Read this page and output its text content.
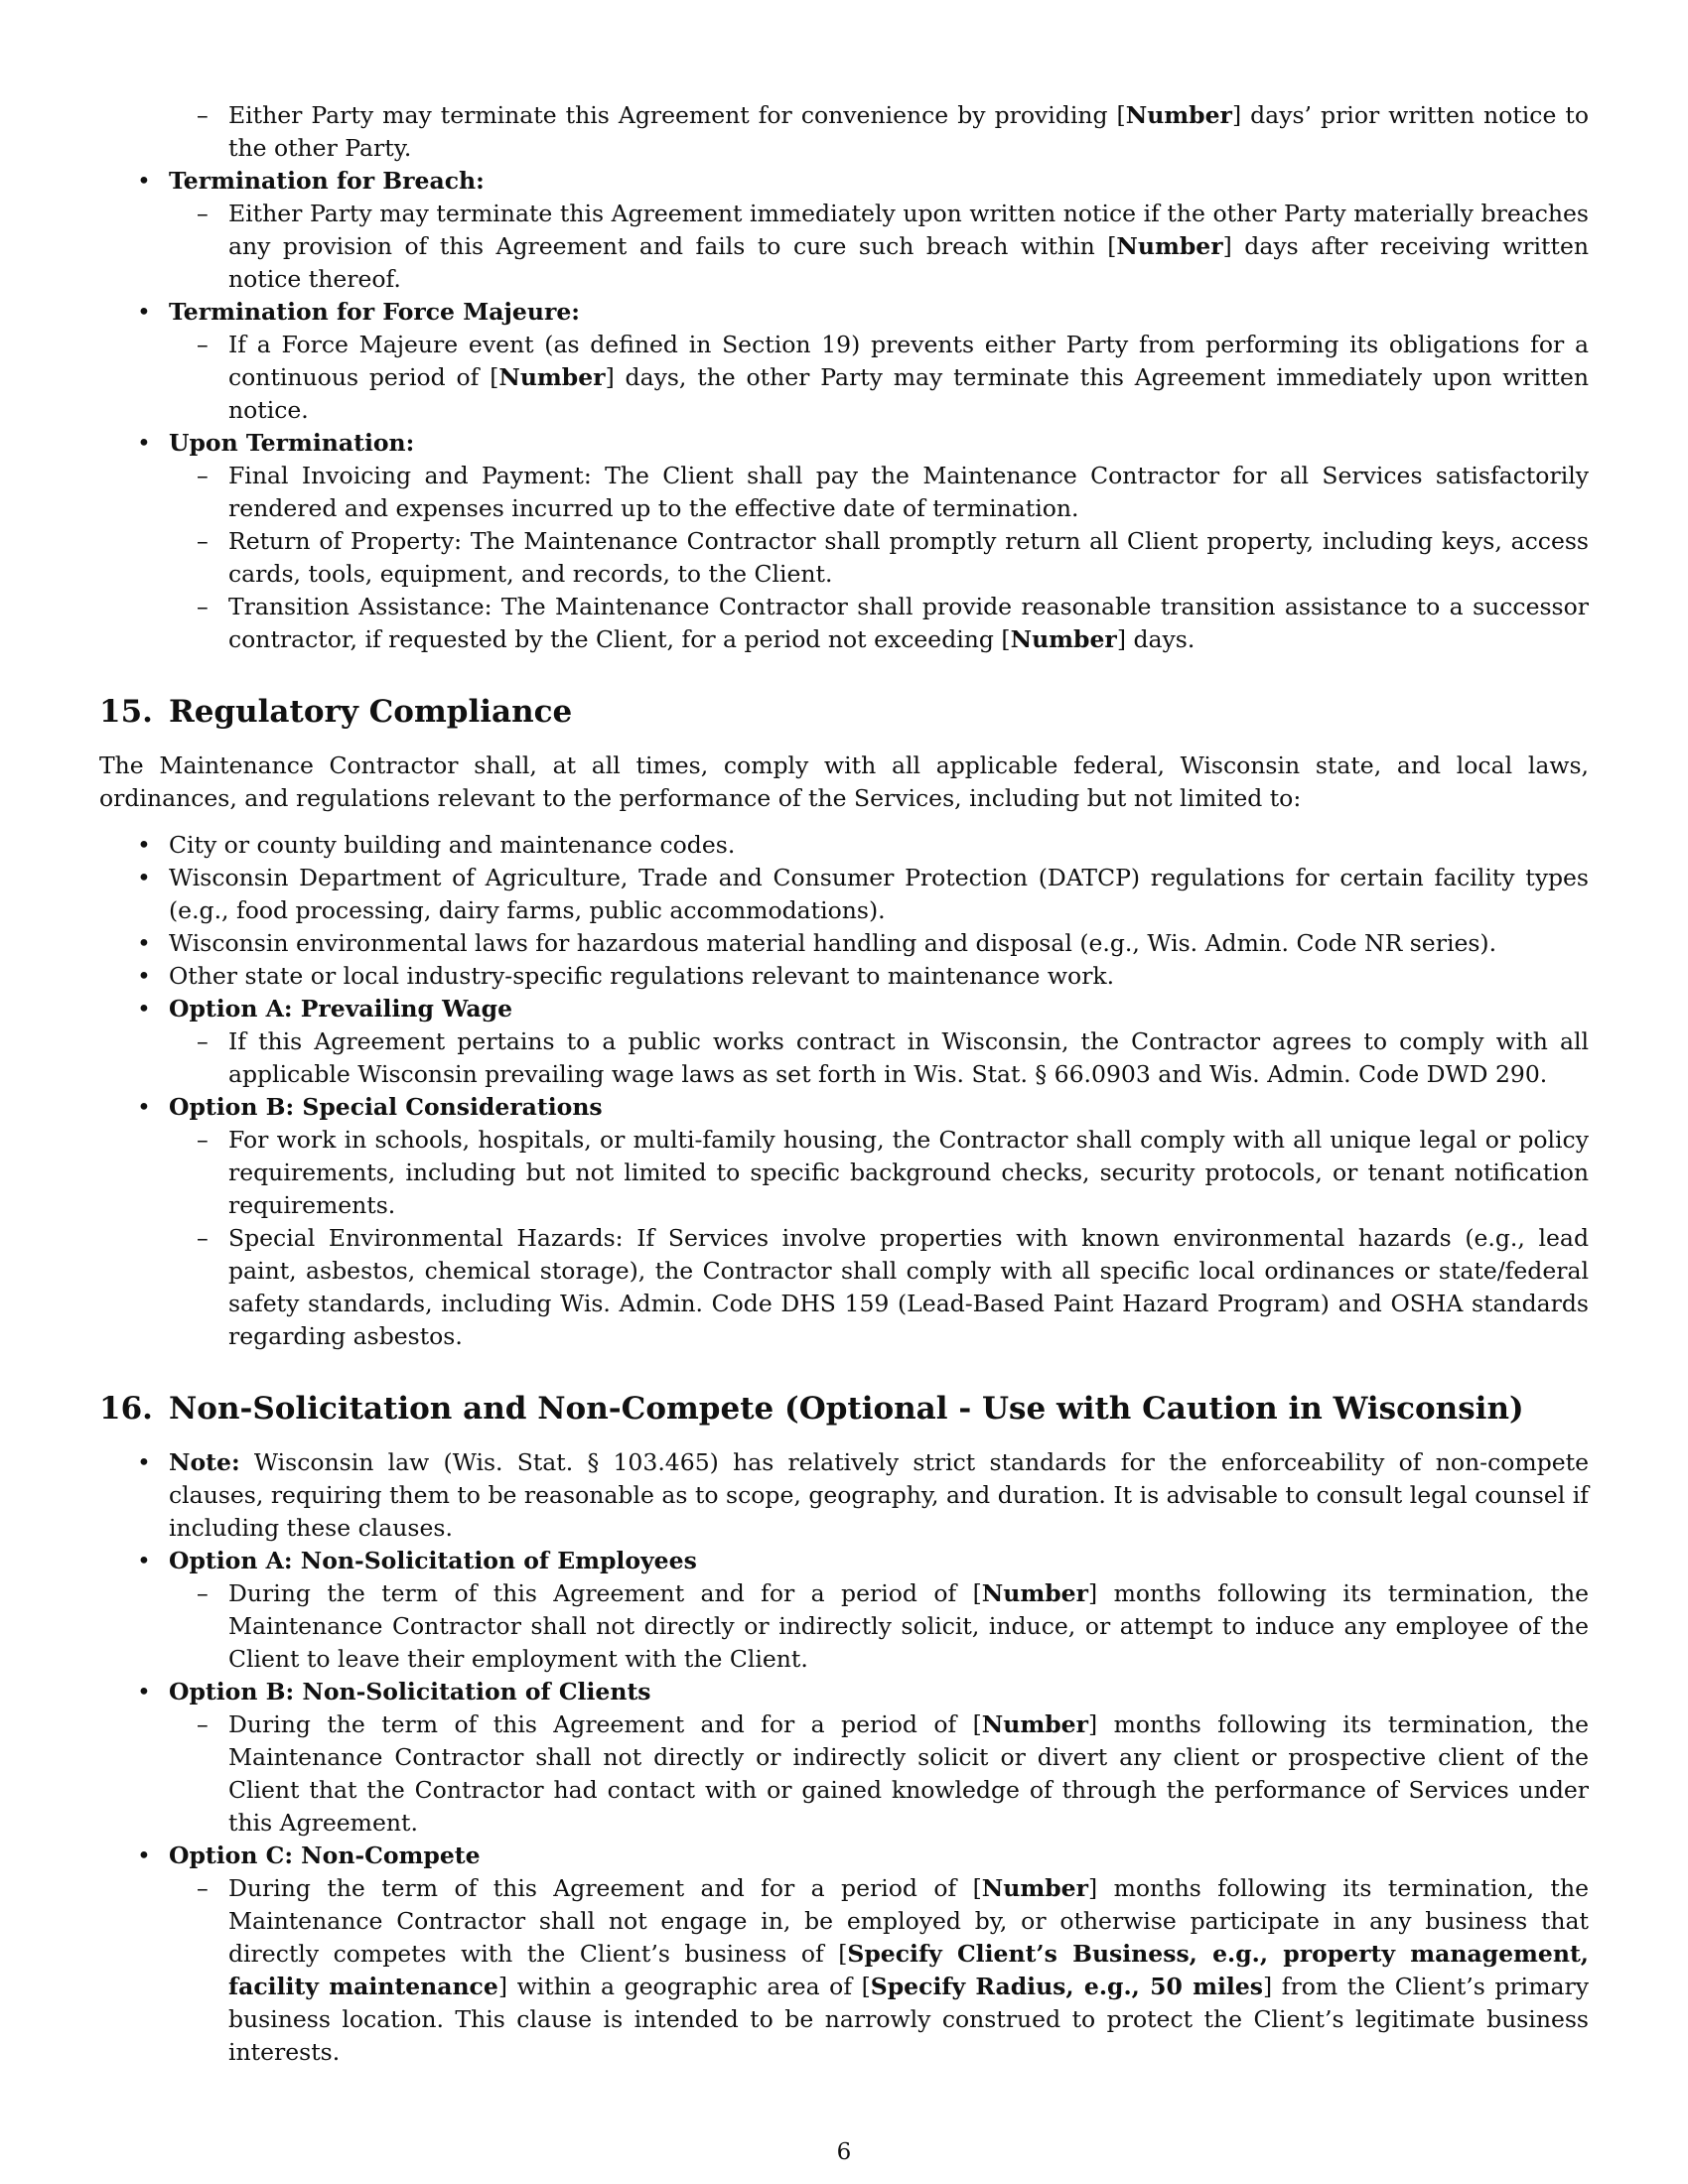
– Either Party may terminate this Agreement for convenience by providing [Number] days’ prior written notice to the other Party.
• Termination for Breach:
– Either Party may terminate this Agreement immediately upon written notice if the other Party materially breaches any provision of this Agreement and fails to cure such breach within [Number] days after receiving written notice thereof.
• Termination for Force Majeure:
– If a Force Majeure event (as defined in Section 19) prevents either Party from performing its obligations for a continuous period of [Number] days, the other Party may terminate this Agreement immediately upon written notice.
• Upon Termination:
– Final Invoicing and Payment: The Client shall pay the Maintenance Contractor for all Services satisfactorily rendered and expenses incurred up to the effective date of termination.
– Return of Property: The Maintenance Contractor shall promptly return all Client property, including keys, access cards, tools, equipment, and records, to the Client.
– Transition Assistance: The Maintenance Contractor shall provide reasonable transition assistance to a successor contractor, if requested by the Client, for a period not exceeding [Number] days.
15. Regulatory Compliance

The Maintenance Contractor shall, at all times, comply with all applicable federal, Wisconsin state, and local laws, ordinances, and regulations relevant to the performance of the Services, including but not limited to:

• City or county building and maintenance codes.
• Wisconsin Department of Agriculture, Trade and Consumer Protection (DATCP) regulations for certain facility types (e.g., food processing, dairy farms, public accommodations).
• Wisconsin environmental laws for hazardous material handling and disposal (e.g., Wis. Admin. Code NR series).
• Other state or local industry-specific regulations relevant to maintenance work.
• Option A: Prevailing Wage
– If this Agreement pertains to a public works contract in Wisconsin, the Contractor agrees to comply with all applicable Wisconsin prevailing wage laws as set forth in Wis. Stat. § 66.0903 and Wis. Admin. Code DWD 290.
• Option B: Special Considerations
– For work in schools, hospitals, or multi-family housing, the Contractor shall comply with all unique legal or policy requirements, including but not limited to specific background checks, security protocols, or tenant notification requirements.
– Special Environmental Hazards: If Services involve properties with known environmental hazards (e.g., lead paint, asbestos, chemical storage), the Contractor shall comply with all specific local ordinances or state/federal safety standards, including Wis. Admin. Code DHS 159 (Lead-Based Paint Hazard Program) and OSHA standards regarding asbestos.
16. Non-Solicitation and Non-Compete (Optional - Use with Caution in Wisconsin)
• Note: Wisconsin law (Wis. Stat. § 103.465) has relatively strict standards for the enforceability of non-compete clauses, requiring them to be reasonable as to scope, geography, and duration. It is advisable to consult legal counsel if including these clauses.
• Option A: Non-Solicitation of Employees
– During the term of this Agreement and for a period of [Number] months following its termination, the Maintenance Contractor shall not directly or indirectly solicit, induce, or attempt to induce any employee of the Client to leave their employment with the Client.
• Option B: Non-Solicitation of Clients
– During the term of this Agreement and for a period of [Number] months following its termination, the Maintenance Contractor shall not directly or indirectly solicit or divert any client or prospective client of the Client that the Contractor had contact with or gained knowledge of through the performance of Services under this Agreement.
• Option C: Non-Compete
– During the term of this Agreement and for a period of [Number] months following its termination, the Maintenance Contractor shall not engage in, be employed by, or otherwise participate in any business that directly competes with the Client’s business of [Specify Client’s Business, e.g., property management, facility maintenance] within a geographic area of [Specify Radius, e.g., 50 miles] from the Client’s primary business location. This clause is intended to be narrowly construed to protect the Client’s legitimate business interests.
6
